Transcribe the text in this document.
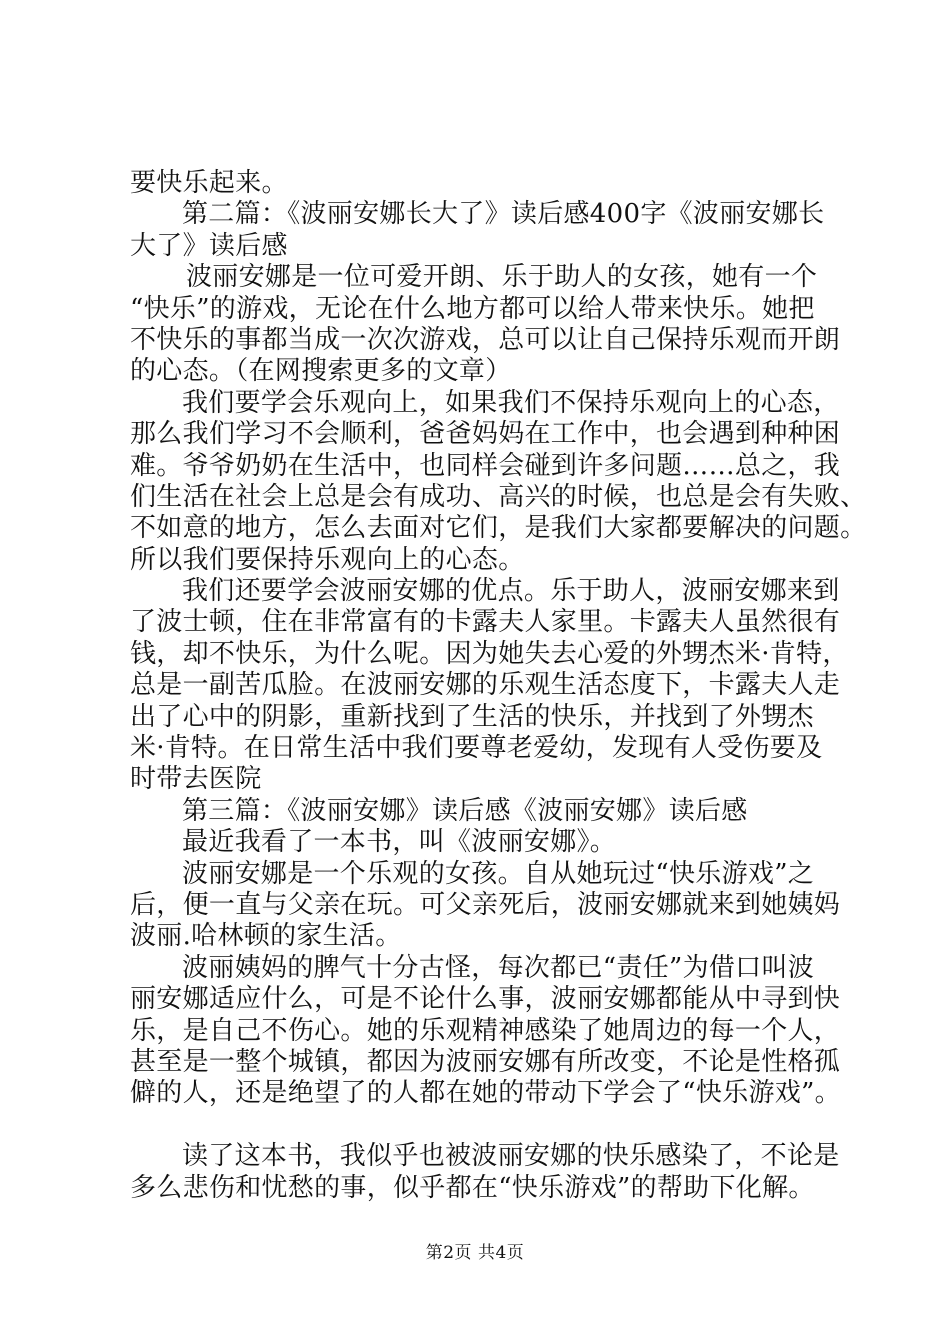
要快乐起来。
第二篇：《波丽安娜长大了》读后感400字《波丽安娜长
大了》读后感
波丽安娜是一位可爱开朗、乐于助人的女孩，她有一个
“快乐”的游戏，无论在什么地方都可以给人带来快乐。她把
不快乐的事都当成一次次游戏，总可以让自己保持乐观而开朗
的心态。（在网搜索更多的文章）
我们要学会乐观向上，如果我们不保持乐观向上的心态，
那么我们学习不会顺利，爸爸妈妈在工作中，也会遇到种种困
难。爷爷奶奶在生活中，也同样会碰到许多问题……总之，我
们生活在社会上总是会有成功、高兴的时候，也总是会有失败、
不如意的地方，怎么去面对它们，是我们大家都要解决的问题。
所以我们要保持乐观向上的心态。
我们还要学会波丽安娜的优点。乐于助人，波丽安娜来到
了波士顿，住在非常富有的卡露夫人家里。卡露夫人虽然很有
钱，却不快乐，为什么呢。因为她失去心爱的外甥杰米·肯特，
总是一副苦瓜脸。在波丽安娜的乐观生活态度下，卡露夫人走
出了心中的阴影，重新找到了生活的快乐，并找到了外甥杰
米·肯特。在日常生活中我们要尊老爱幼，发现有人受伤要及
时带去医院
第三篇：《波丽安娜》读后感《波丽安娜》读后感
最近我看了一本书，叫《波丽安娜》。
波丽安娜是一个乐观的女孩。自从她玩过“快乐游戏”之
后，便一直与父亲在玩。可父亲死后，波丽安娜就来到她姨妈
波丽.哈林顿的家生活。
波丽姨妈的脾气十分古怪，每次都已“责任”为借口叫波
丽安娜适应什么，可是不论什么事，波丽安娜都能从中寻到快
乐，是自己不伤心。她的乐观精神感染了她周边的每一个人，
甚至是一整个城镇，都因为波丽安娜有所改变，不论是性格孤
僻的人，还是绝望了的人都在她的带动下学会了“快乐游戏”。
读了这本书，我似乎也被波丽安娜的快乐感染了，不论是
多么悲伤和忧愁的事，似乎都在“快乐游戏”的帮助下化解。
第2页 共4页
